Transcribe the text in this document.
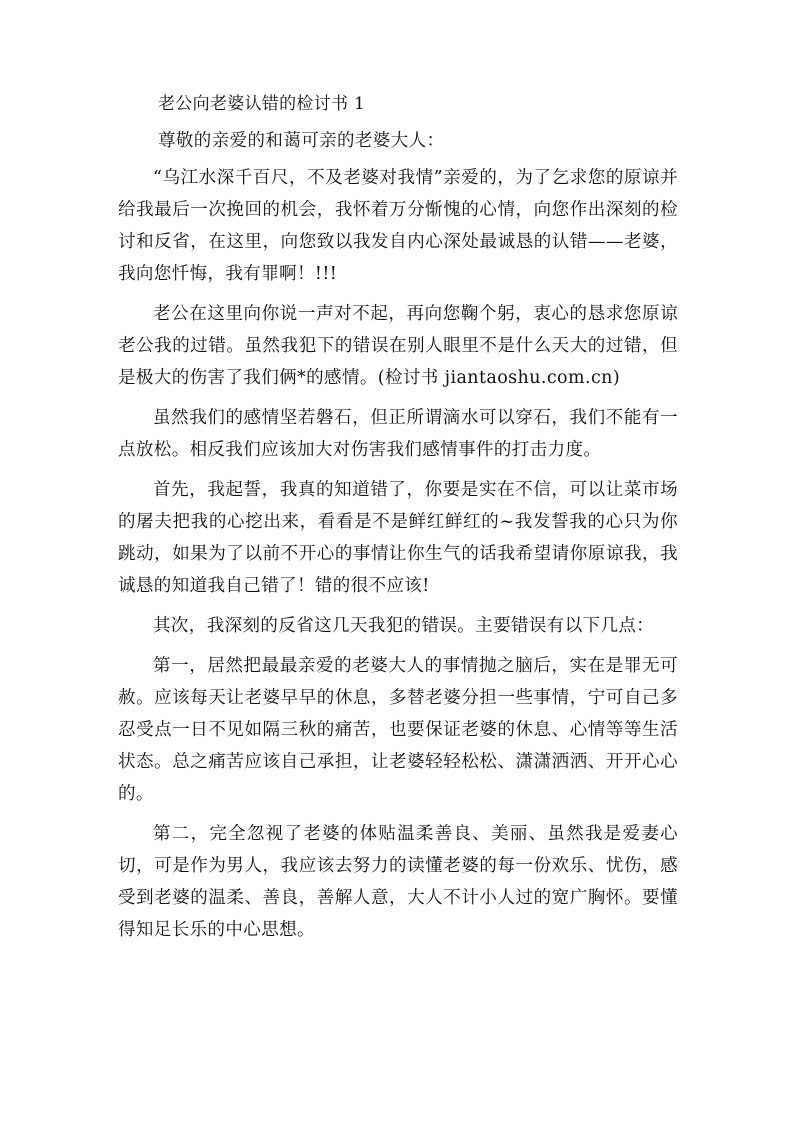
老公向老婆认错的检讨书 1
尊敬的亲爱的和蔼可亲的老婆大人：

“乌江水深千百尺，不及老婆对我情”亲爱的，为了乞求您的原谅并给我最后一次挽回的机会，我怀着万分惭愧的心情，向您作出深刻的检讨和反省，在这里，向您致以我发自内心深处最诚恳的认错——老婆，我向您忏悔，我有罪啊！!!!

老公在这里向你说一声对不起，再向您鞠个躬，衷心的恳求您原谅老公我的过错。虽然我犯下的错误在别人眼里不是什么天大的过错，但是极大的伤害了我们俩*的感情。(检讨书 jiantaoshu.com.cn)

虽然我们的感情坚若磐石，但正所谓滴水可以穿石，我们不能有一点放松。相反我们应该加大对伤害我们感情事件的打击力度。

首先，我起誓，我真的知道错了，你要是实在不信，可以让菜市场的屠夫把我的心挖出来，看看是不是鲜红鲜红的~我发誓我的心只为你跳动，如果为了以前不开心的事情让你生气的话我希望请你原谅我，我诚恳的知道我自己错了！错的很不应该!

其次，我深刻的反省这几天我犯的错误。主要错误有以下几点：

第一，居然把最最亲爱的老婆大人的事情抛之脑后，实在是罪无可赦。应该每天让老婆早早的休息，多替老婆分担一些事情，宁可自己多忍受点一日不见如隔三秋的痛苦，也要保证老婆的休息、心情等等生活状态。总之痛苦应该自己承担，让老婆轻轻松松、潇潇洒洒、开开心心的。

第二，完全忽视了老婆的体贴温柔善良、美丽、虽然我是爱妻心切，可是作为男人，我应该去努力的读懂老婆的每一份欢乐、忧伤，感受到老婆的温柔、善良，善解人意，大人不计小人过的宽广胸怀。要懂得知足长乐的中心思想。
